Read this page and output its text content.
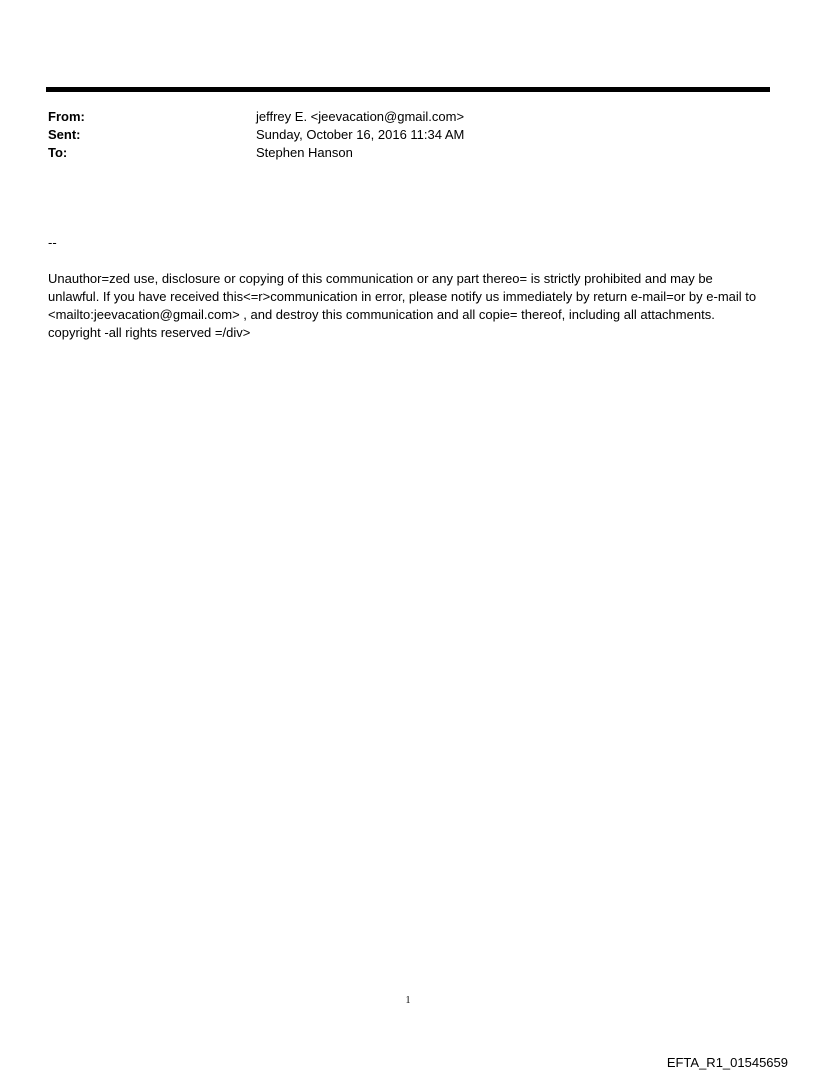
From:	jeffrey E. <jeevacation@gmail.com>
Sent:	Sunday, October 16, 2016 11:34 AM
To:	Stephen Hanson
--
Unauthor=zed use, disclosure or copying of this communication or any part thereo= is strictly prohibited and may be unlawful. If you have received this<=r>communication in error, please notify us immediately by return e-mail=or by e-mail to <mailto:jeevacation@gmail.com> , and destroy this communication and all copie= thereof, including all attachments. copyright -all rights reserved =/div>
1
EFTA_R1_01545659
